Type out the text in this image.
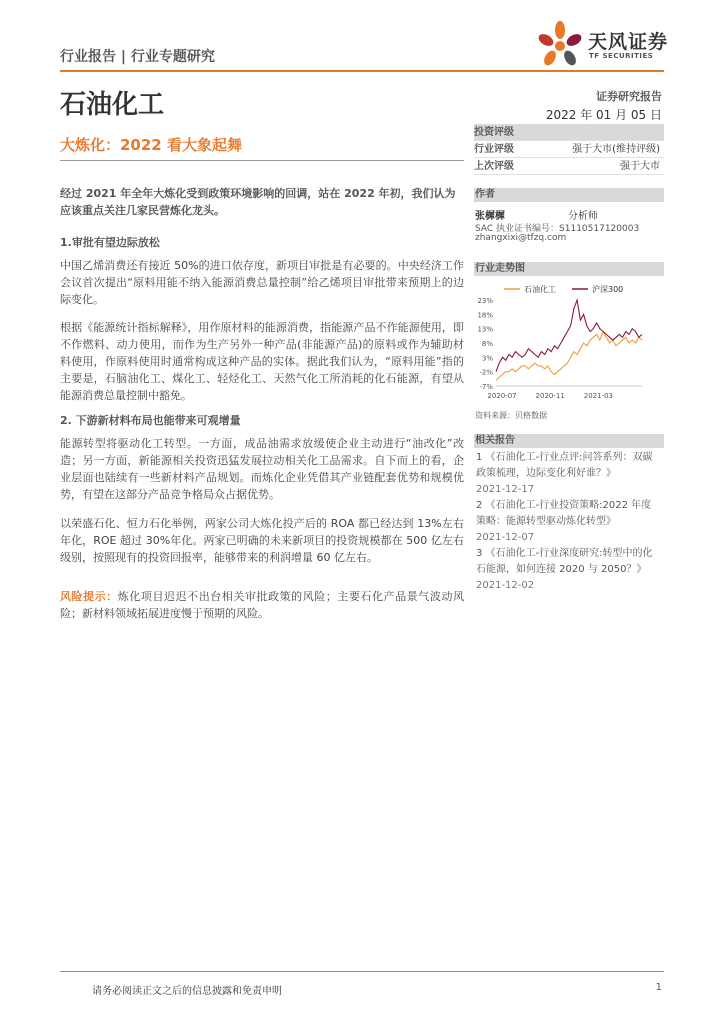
行业报告 | 行业专题研究
天风证券
TF SECURITIES
石油化工	证券研究报告
2022 年 01 月 05 日
大炼化：2022 看大象起舞
投资评级
行业评级	强于大市(维持评级)
上次评级	强于大市
作者
张樨樨	分析师
SAC 执业证书编号：S1110517120003
zhangxixi@tfzq.com
行业走势图
石油化工	沪深300
23%
18%
13%
8%
3%
-2%
-7%
2020-07	2020-11	2021-03
资料来源：贝格数据
相关报告
1 《石油化工-行业点评:问答系列：双碳政策梳理，边际变化利好谁？》
2021-12-17
2 《石油化工-行业投资策略:2022 年度策略：能源转型驱动炼化转型》
2021-12-07
3 《石油化工-行业深度研究:转型中的化石能源，如何连接 2020 与 2050？》
2021-12-02
经过 2021 年全年大炼化受到政策环境影响的回调，站在 2022 年初，我们认为应该重点关注几家民营炼化龙头。
1.审批有望边际放松
中国乙烯消费还有接近 50%的进口依存度，新项目审批是有必要的。中央经济工作会议首次提出“原料用能不纳入能源消费总量控制”给乙烯项目审批带来预期上的边际变化。
根据《能源统计指标解释》，用作原材料的能源消费，指能源产品不作能源使用，即不作燃料、动力使用，而作为生产另外一种产品(非能源产品)的原料或作为辅助材料使用，作原料使用时通常构成这种产品的实体。据此我们认为，“原料用能”指的主要是，石脑油化工、煤化工、轻烃化工、天然气化工所消耗的化石能源，有望从能源消费总量控制中豁免。
2. 下游新材料布局也能带来可观增量
能源转型将驱动化工转型。一方面，成品油需求放缓使企业主动进行“油改化”改造；另一方面，新能源相关投资迅猛发展拉动相关化工品需求。自下而上的看，企业层面也陆续有一些新材料产品规划。而炼化企业凭借其产业链配套优势和规模优势，有望在这部分产品竞争格局众占据优势。
以荣盛石化、恒力石化举例，两家公司大炼化投产后的 ROA 都已经达到 13%左右年化，ROE 超过 30%年化。两家已明确的未来新项目的投资规模都在 500 亿左右级别，按照现有的投资回报率，能够带来的利润增量 60 亿左右。
风险提示：炼化项目迟迟不出台相关审批政策的风险；主要石化产品景气波动风险；新材料领域拓展进度慢于预期的风险。
请务必阅读正文之后的信息披露和免责申明	1
